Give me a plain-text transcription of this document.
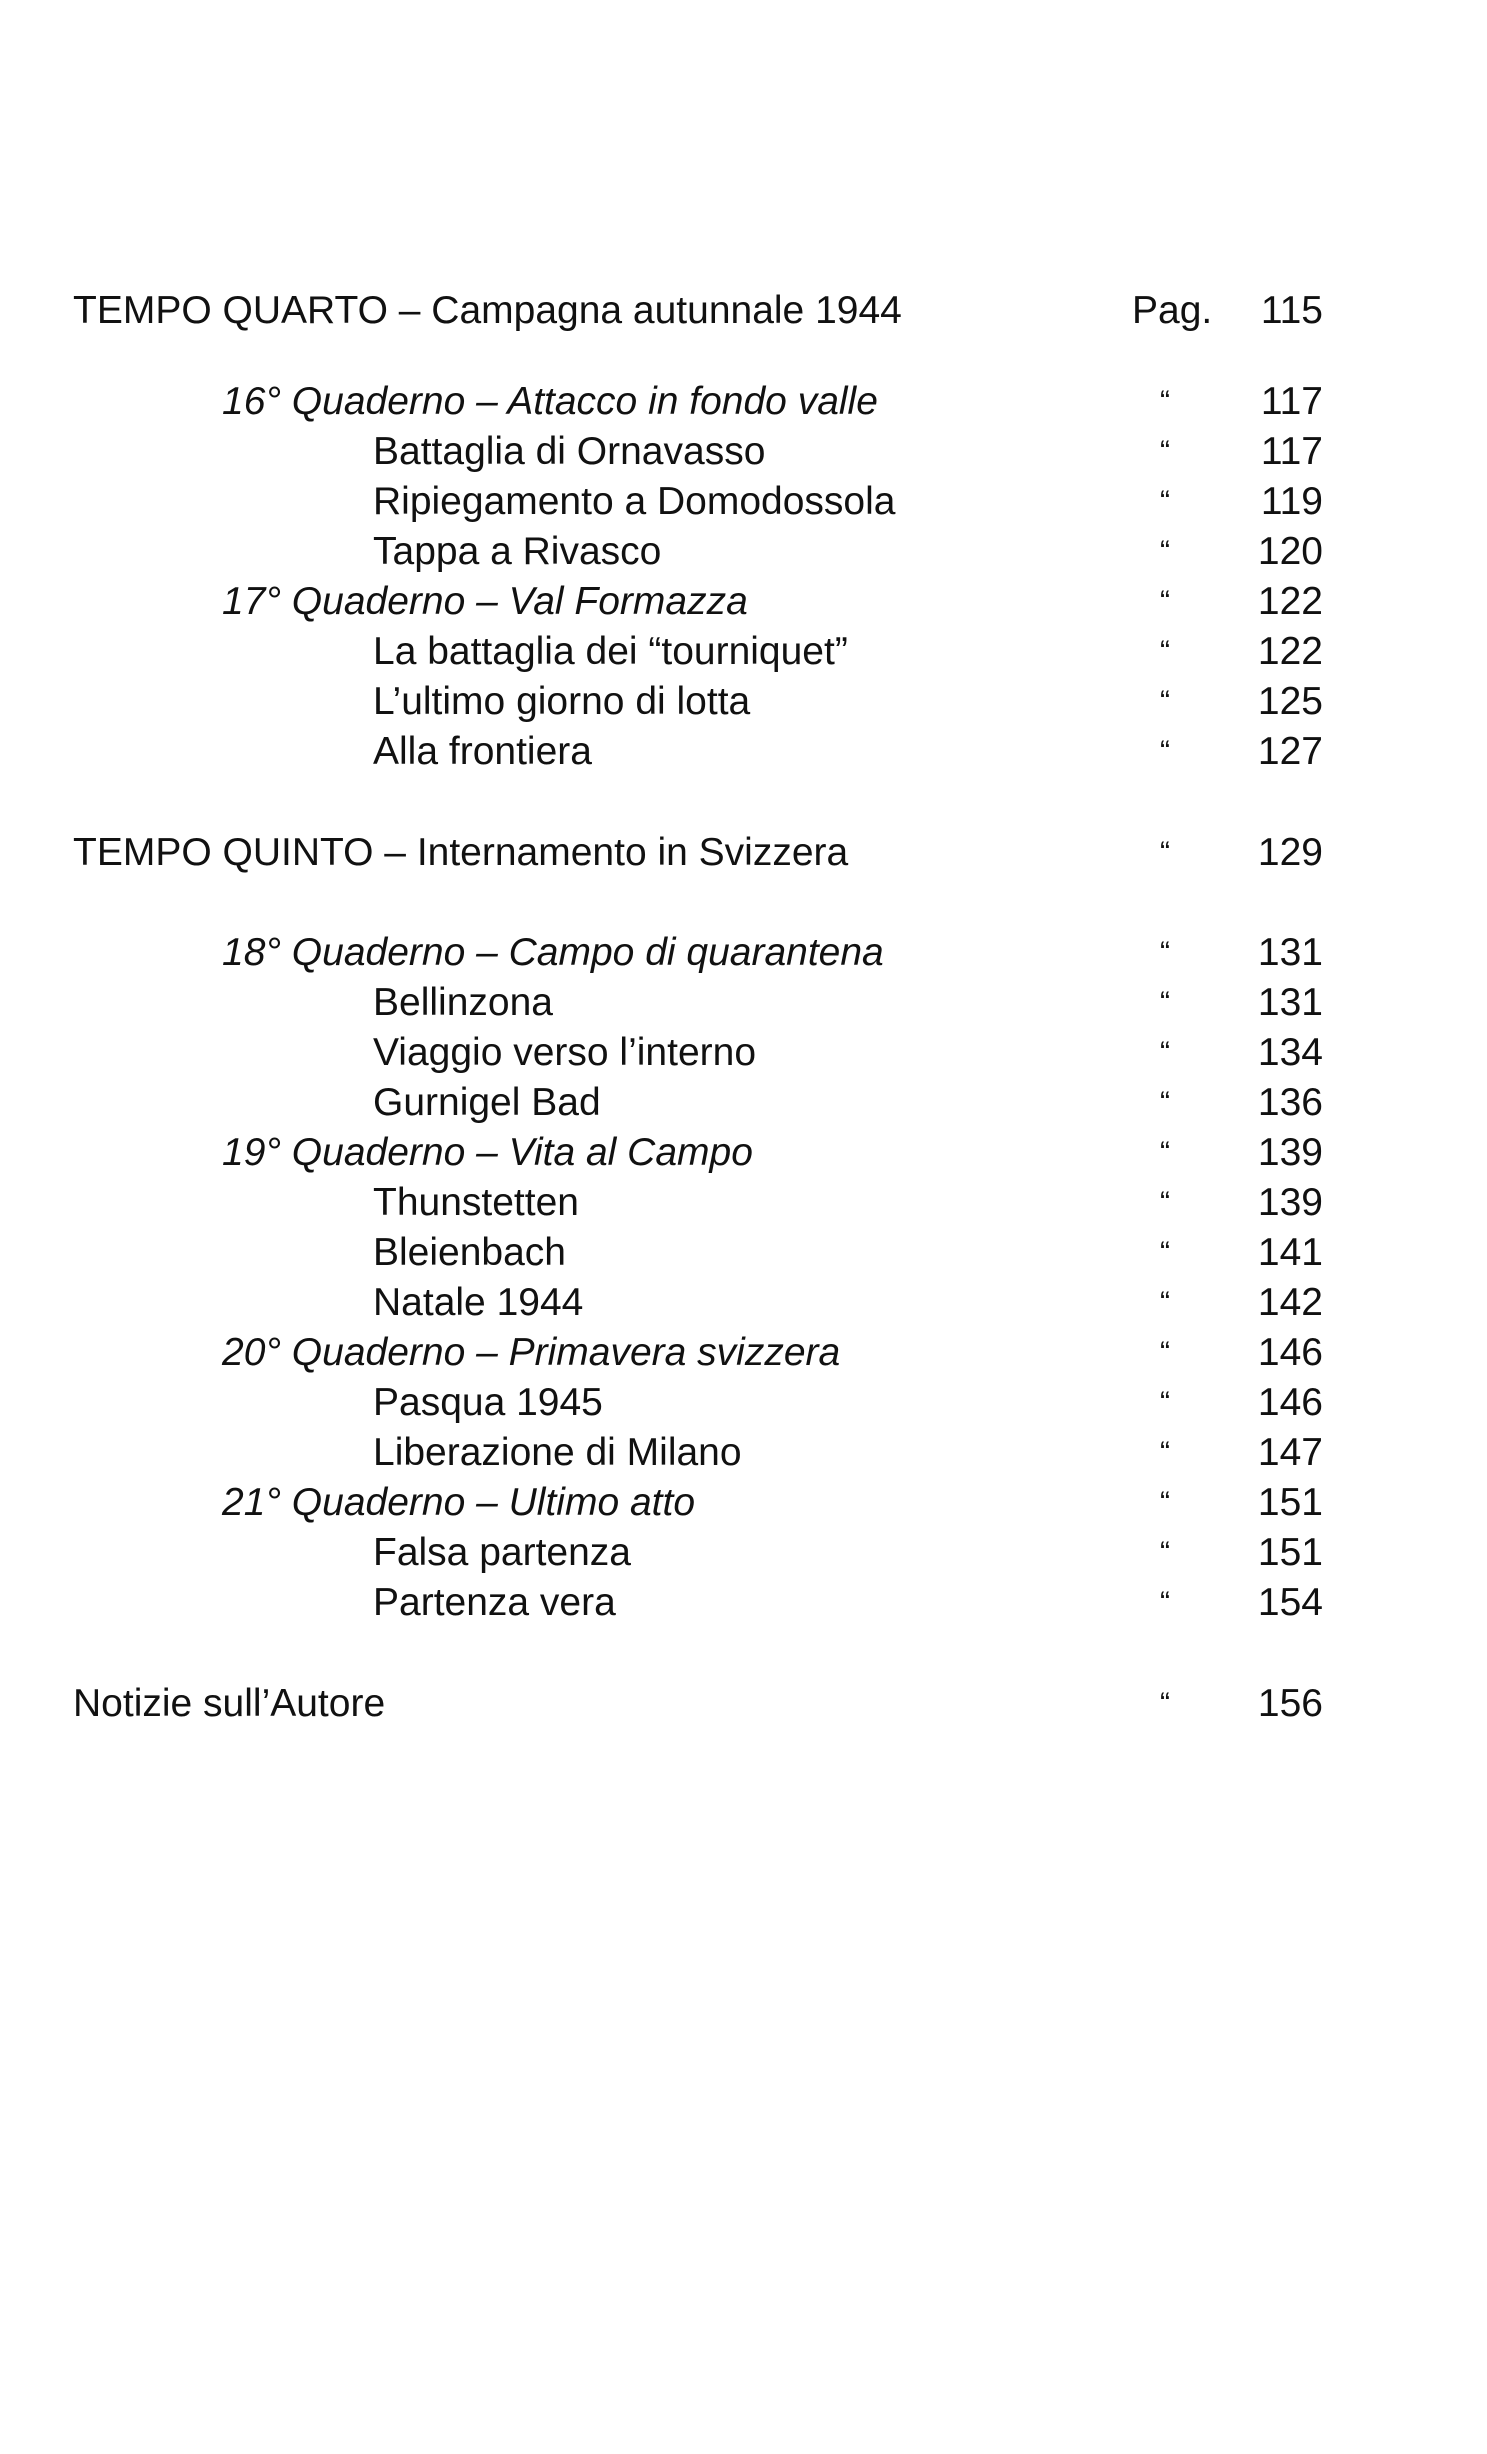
TEMPO QUARTO – Campagna autunnale 1944	Pag. 115
16° Quaderno – Attacco in fondo valle	“	117
Battaglia di Ornavasso	“	117
Ripiegamento a Domodossola	“	119
Tappa a Rivasco	“	120
17° Quaderno – Val Formazza	“	122
La battaglia dei “tourniquet”	“	122
L’ultimo giorno di lotta	“	125
Alla frontiera	“	127
TEMPO QUINTO – Internamento in Svizzera	“	129
18° Quaderno – Campo di quarantena	“	131
Bellinzona	“	131
Viaggio verso l’interno	“	134
Gurnigel Bad	“	136
19° Quaderno – Vita al Campo	“	139
Thunstetten	“	139
Bleienbach	“	141
Natale 1944	“	142
20° Quaderno – Primavera svizzera	“	146
Pasqua 1945	“	146
Liberazione di Milano	“	147
21° Quaderno – Ultimo atto	“	151
Falsa partenza	“	151
Partenza vera	“	154
Notizie sull’Autore	“	156
